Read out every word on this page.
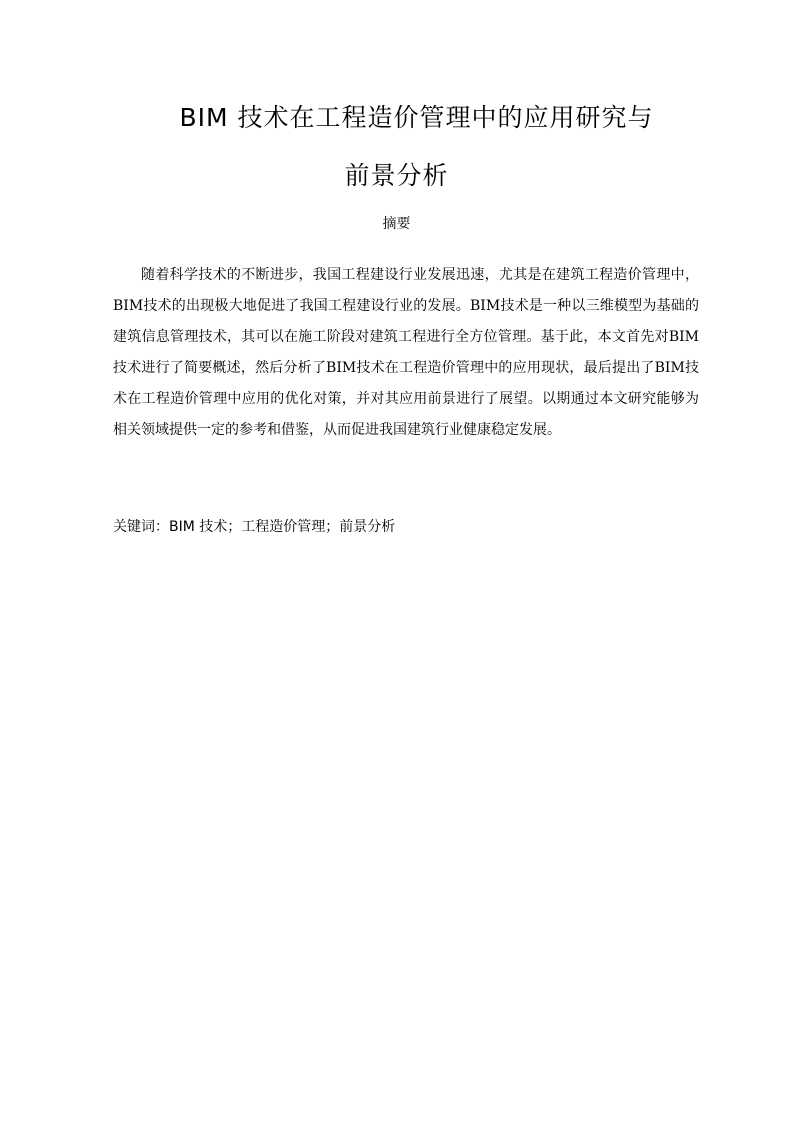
BIM 技术在工程造价管理中的应用研究与
前景分析
摘要

随着科学技术的不断进步，我国工程建设行业发展迅速，尤其是在建筑工程造价管理中，BIM技术的出现极大地促进了我国工程建设行业的发展。BIM技术是一种以三维模型为基础的建筑信息管理技术，其可以在施工阶段对建筑工程进行全方位管理。基于此，本文首先对BIM技术进行了简要概述，然后分析了BIM技术在工程造价管理中的应用现状，最后提出了BIM技术在工程造价管理中应用的优化对策，并对其应用前景进行了展望。以期通过本文研究能够为相关领域提供一定的参考和借鉴，从而促进我国建筑行业健康稳定发展。

关键词：BIM 技术；工程造价管理；前景分析
